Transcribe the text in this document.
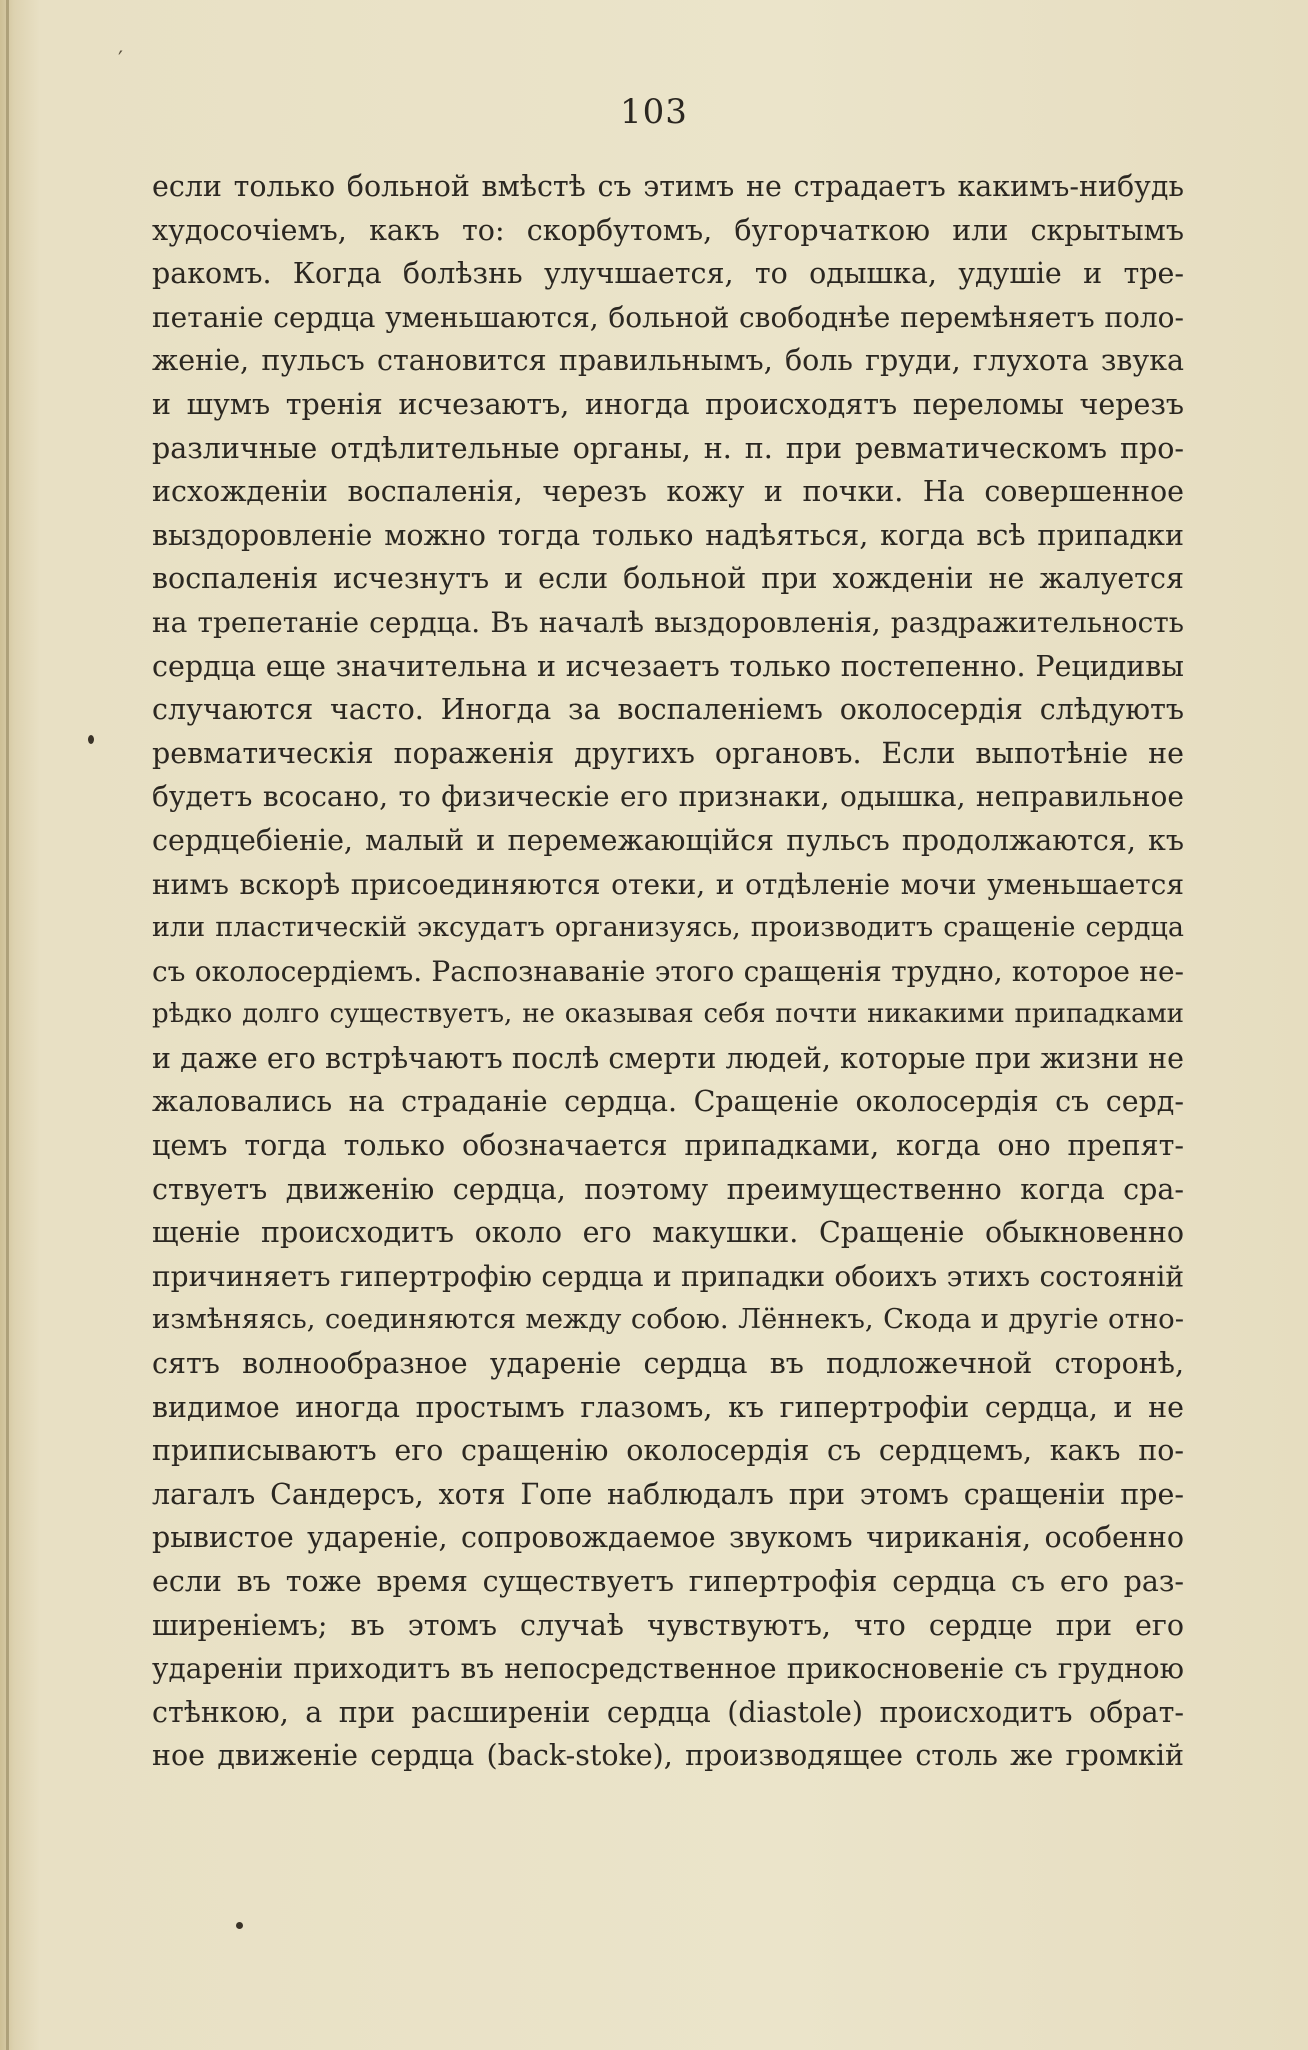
103
если только больной вмѣстѣ съ этимъ не страдаетъ какимъ-нибудь
худосочіемъ, какъ то: скорбутомъ, бугорчаткою или скрытымъ
ракомъ. Когда болѣзнь улучшается, то одышка, удушіе и тре-
петаніе сердца уменьшаются, больной свободнѣе перемѣняетъ поло-
женіе, пульсъ становится правильнымъ, боль груди, глухота звука
и шумъ тренія исчезаютъ, иногда происходятъ переломы черезъ
различные отдѣлительные органы, н. п. при ревматическомъ про-
исхожденіи воспаленія, черезъ кожу и почки. На совершенное
выздоровленіе можно тогда только надѣяться, когда всѣ припадки
воспаленія исчезнутъ и если больной при хожденіи не жалуется
на трепетаніе сердца. Въ началѣ выздоровленія, раздражительность
сердца еще значительна и исчезаетъ только постепенно. Рецидивы
случаются часто. Иногда за воспаленіемъ околосердія слѣдуютъ
ревматическія пораженія другихъ органовъ. Если выпотѣніе не
будетъ всосано, то физическіе его признаки, одышка, неправильное
сердцебіеніе, малый и перемежающійся пульсъ продолжаются, къ
нимъ вскорѣ присоединяются отеки, и отдѣленіе мочи уменьшается
или пластическій эксудатъ организуясь, производитъ сращеніе сердца
съ околосердіемъ. Распознаваніе этого сращенія трудно, которое не-
рѣдко долго существуетъ, не оказывая себя почти никакими припадками
и даже его встрѣчаютъ послѣ смерти людей, которые при жизни не
жаловались на страданіе сердца. Сращеніе околосердія съ серд-
цемъ тогда только обозначается припадками, когда оно препят-
ствуетъ движенію сердца, поэтому преимущественно когда сра-
щеніе происходитъ около его макушки. Сращеніе обыкновенно
причиняетъ гипертрофію сердца и припадки обоихъ этихъ состояній
измѣняясь, соединяются между собою. Лённекъ, Скода и другіе отно-
сятъ волнообразное удареніе сердца въ подложечной сторонѣ,
видимое иногда простымъ глазомъ, къ гипертрофіи сердца, и не
приписываютъ его сращенію околосердія съ сердцемъ, какъ по-
лагалъ Сандерсъ, хотя Гопе наблюдалъ при этомъ сращеніи пре-
рывистое удареніе, сопровождаемое звукомъ чириканія, особенно
если въ тоже время существуетъ гипертрофія сердца съ его раз-
ширеніемъ; въ этомъ случаѣ чувствуютъ, что сердце при его
удареніи приходитъ въ непосредственное прикосновеніе съ грудною
стѣнкою, а при расширеніи сердца (diastole) происходитъ обрат-
ное движеніе сердца (back-stoke), производящее столь же громкій
′
